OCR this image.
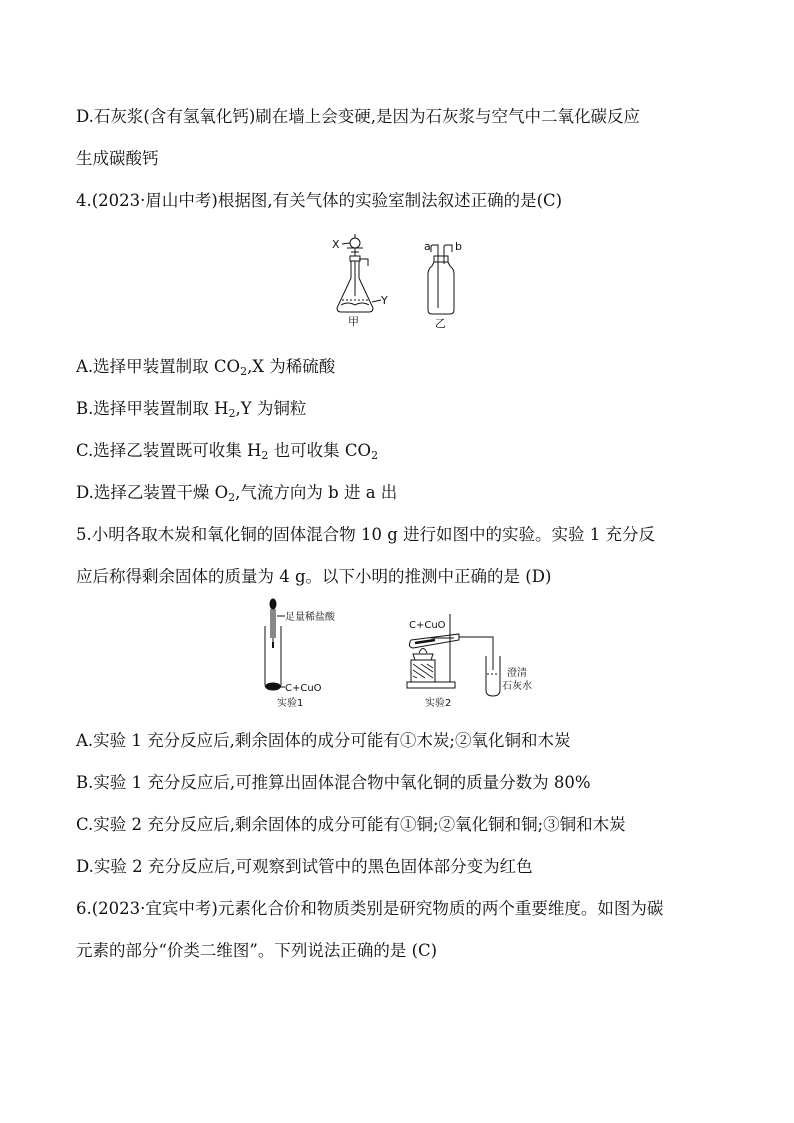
D.石灰浆(含有氢氧化钙)刷在墙上会变硬,是因为石灰浆与空气中二氧化碳反应
生成碳酸钙
4.(2023·眉山中考)根据图,有关气体的实验室制法叙述正确的是(C)
X
Y
甲
a b
乙
A.选择甲装置制取 $CO_2,X$ 为稀硫酸
B.选择甲装置制取 $H_2,Y$ 为铜粒
C.选择乙装置既可收集 $H_2$ 也可收集 $CO_2$
D.选择乙装置干燥 $O_2$,气流方向为 b 进 a 出
5.小明各取木炭和氧化铜的固体混合物 10 g 进行如图中的实验。实验 1 充分反
应后称得剩余固体的质量为 4 g。以下小明的推测中正确的是 (D)
足量稀盐酸
C+CuO
实验1
C+CuO
澄清
石灰水
实验2
A.实验 1 充分反应后,剩余固体的成分可能有①木炭;②氧化铜和木炭
B.实验 1 充分反应后,可推算出固体混合物中氧化铜的质量分数为 80%
C.实验 2 充分反应后,剩余固体的成分可能有①铜;②氧化铜和铜;③铜和木炭
D.实验 2 充分反应后,可观察到试管中的黑色固体部分变为红色
6.(2023·宜宾中考)元素化合价和物质类别是研究物质的两个重要维度。如图为碳
元素的部分“价类二维图”。下列说法正确的是 (C)
